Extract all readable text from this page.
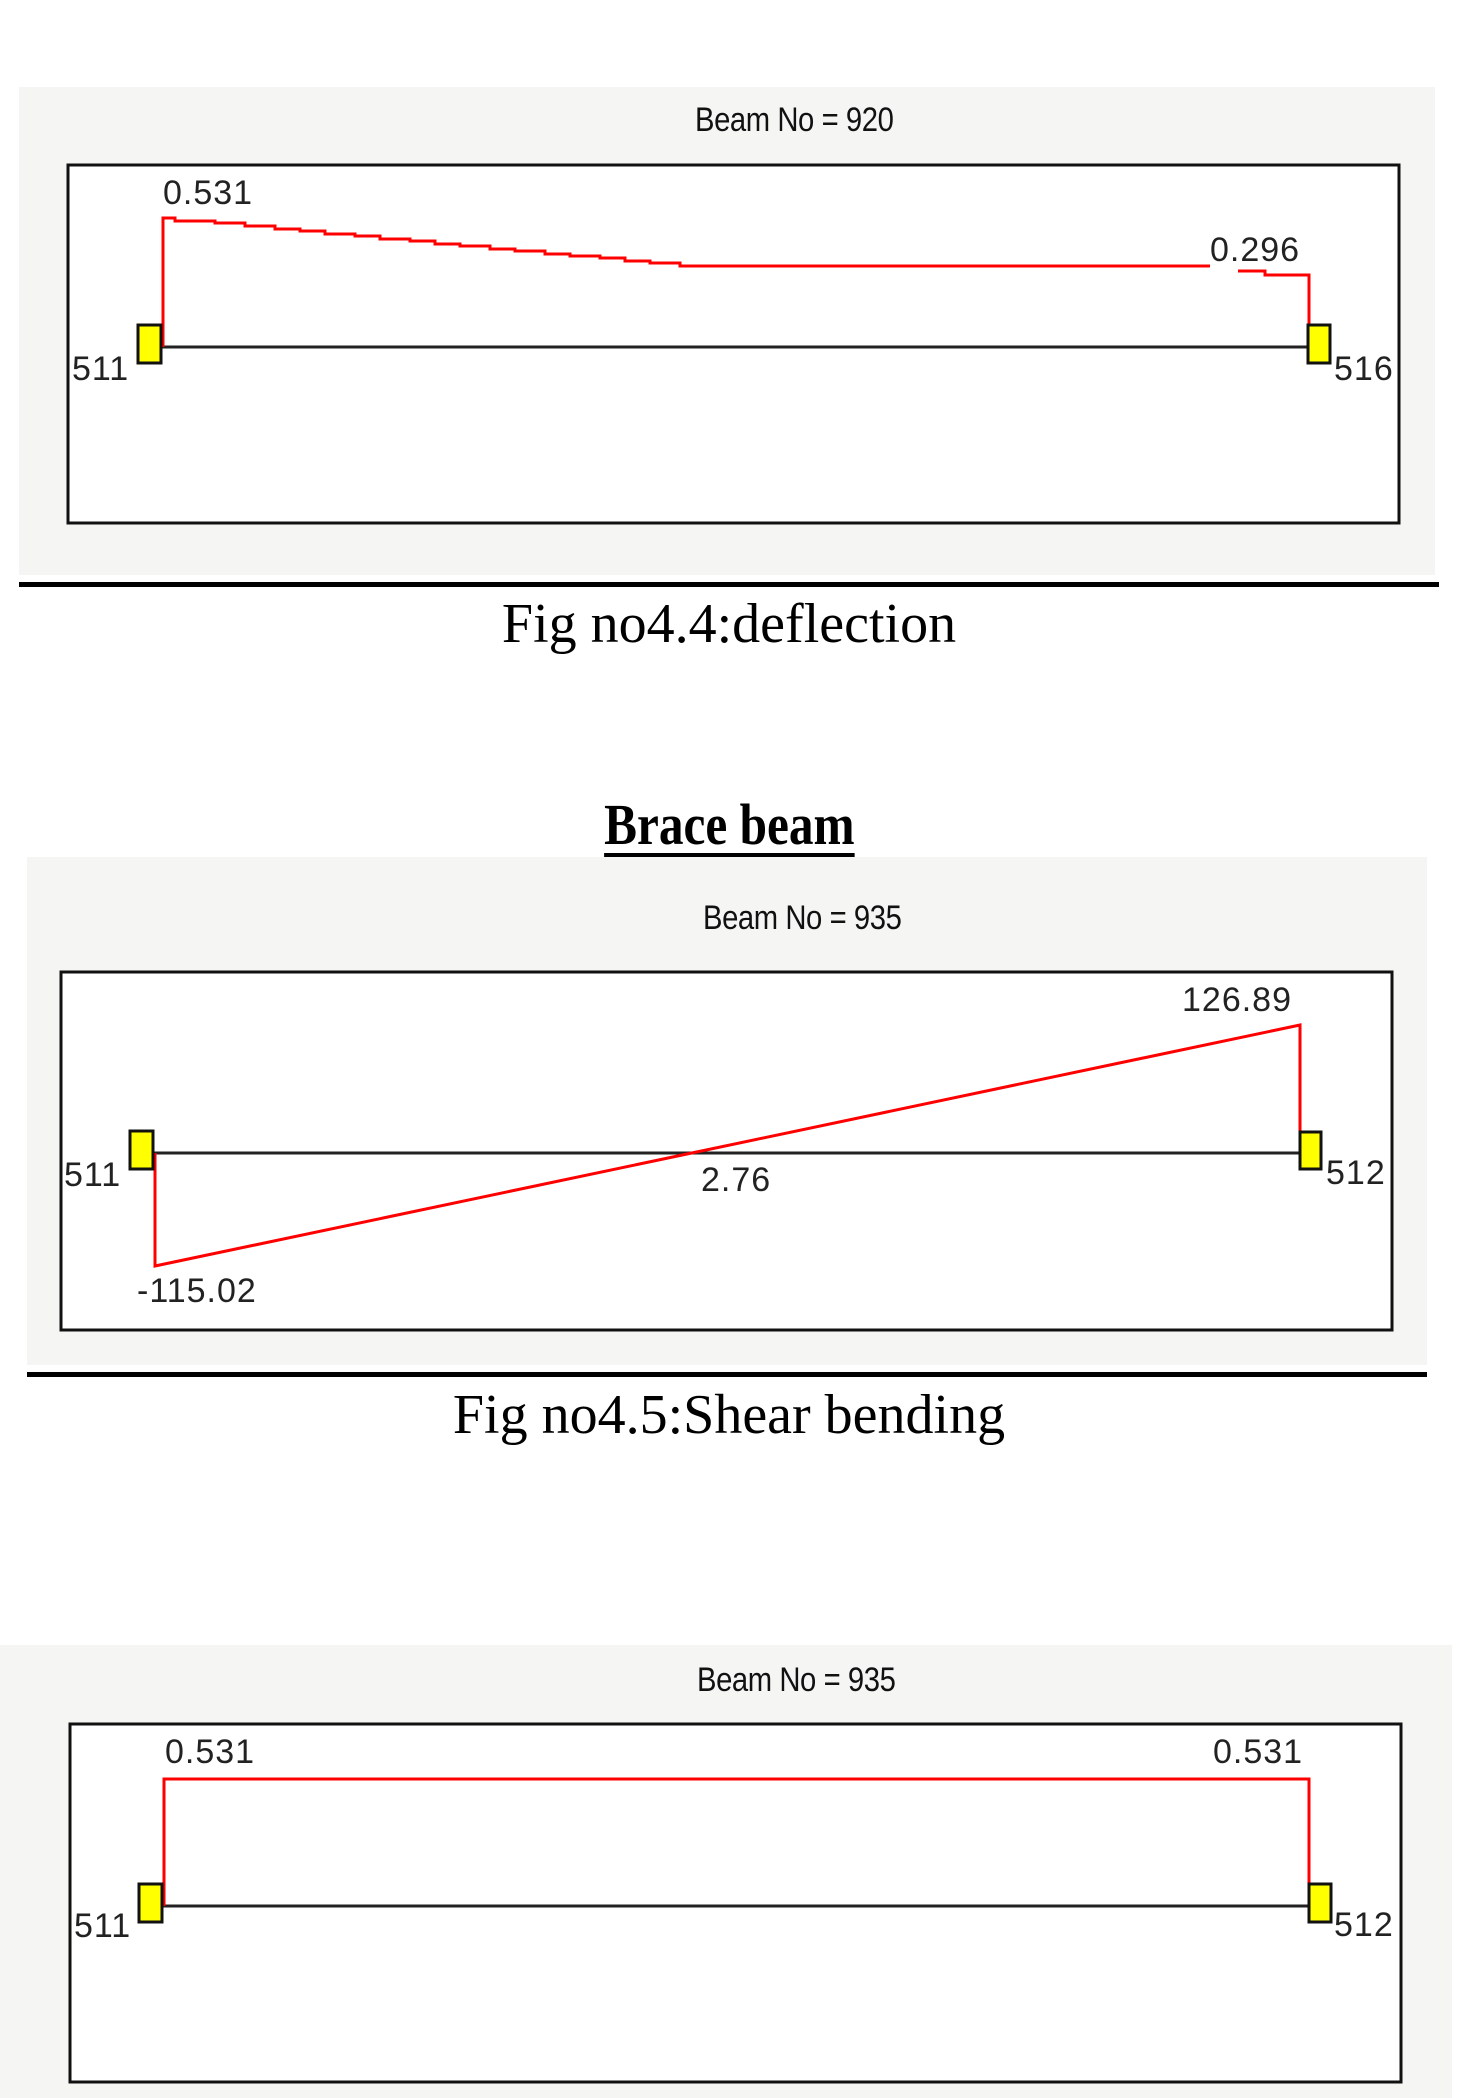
Beam No = 920
0.531
0.296
511	516
Fig no4.4:deflection
Brace beam
Beam No = 935
126.89
2.76
-115.02
511	512
Fig no4.5:Shear bending
Beam No = 935
0.531	0.531
511	512
